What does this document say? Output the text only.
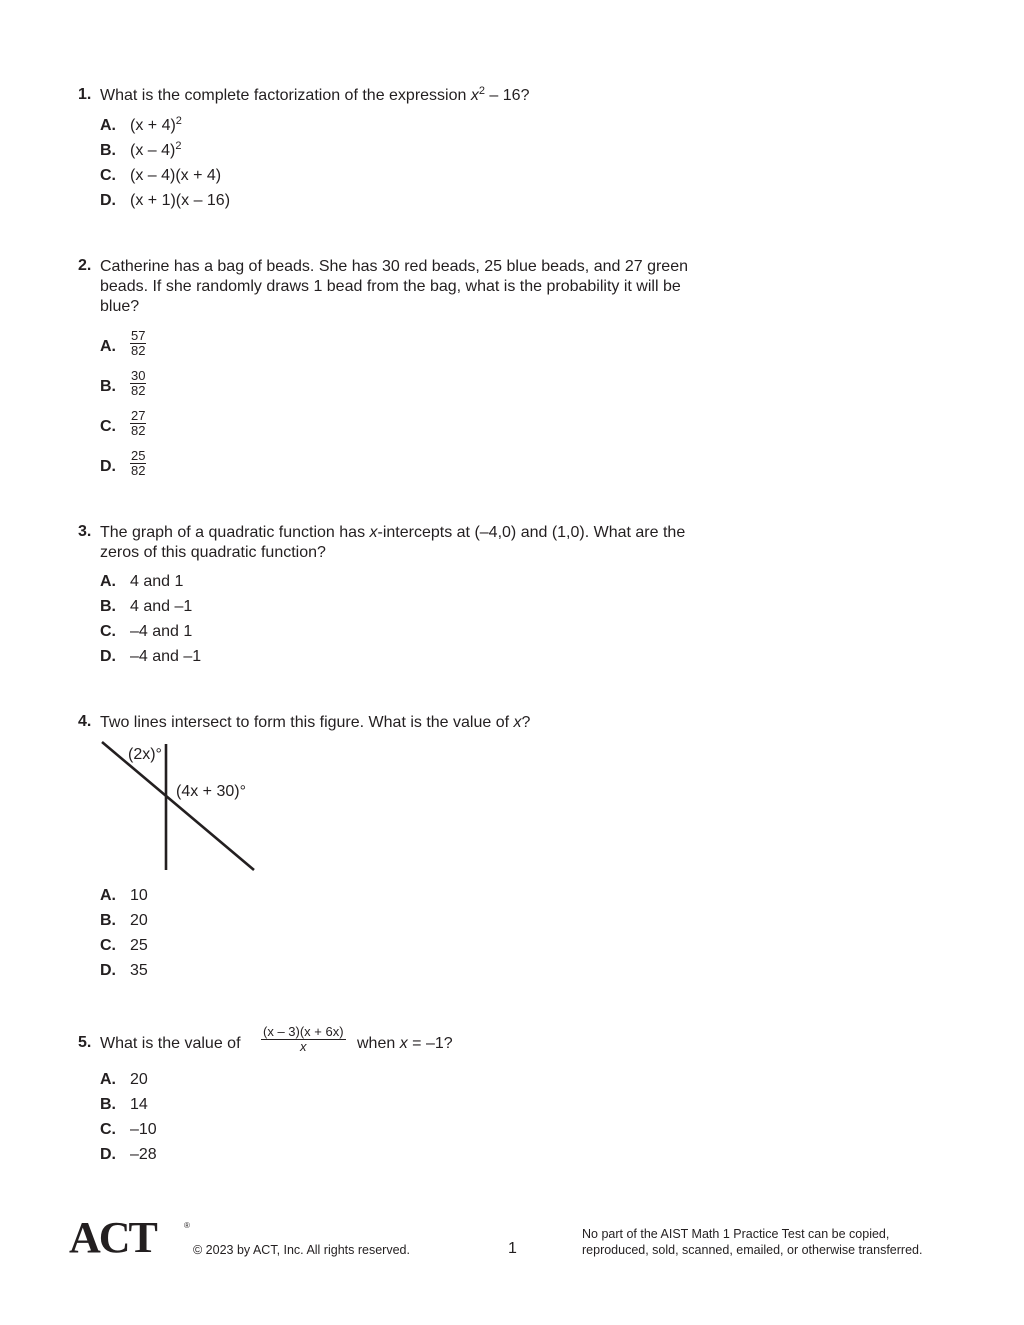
1. What is the complete factorization of the expression $x^2 - 16$?
A. $(x + 4)^2$
B. (x – 4)$^2$
C. (x – 4)(x + 4)
D. (x + 1)(x – 16)
2. Catherine has a bag of beads. She has 30 red beads, 25 blue beads, and 27 green
beads. If she randomly draws 1 bead from the bag, what is the probability it will be
blue?
A. $\frac{57}{82}$
B. $\frac{30}{82}$
C. $\frac{27}{82}$
D. $\frac{25}{82}$
3. The graph of a quadratic function has x-intercepts at (–4,0) and (1,0). What are the
zeros of this quadratic function?
A. 4 and 1
B. 4 and –1
C. –4 and 1
D. –4 and –1
4. Two lines intersect to form this figure. What is the value of x?
(2x)°
(4x + 30)°
A. 10
B. 20
C. 25
D. 35
5. What is the value of $\frac{(x - 3)(x + 6x)}{x}$ when x = –1?
A. 20
B. 14
C. –10
D. –28
ACT	®
© 2023 by ACT, Inc. All rights reserved.	1
No part of the AIST Math 1 Practice Test can be copied,
reproduced, sold, scanned, emailed, or otherwise transferred.
